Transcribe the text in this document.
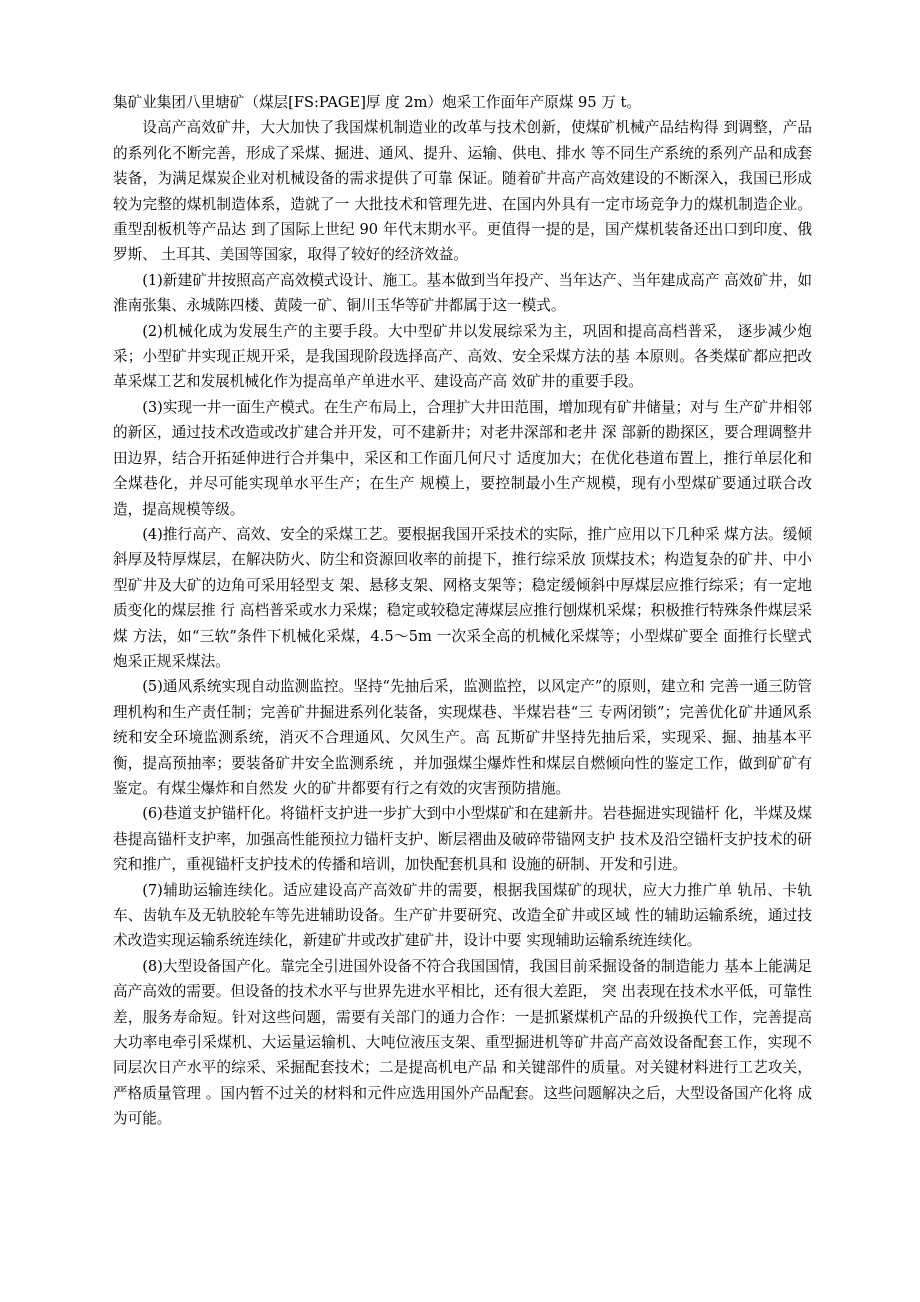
集矿业集团八里塘矿（煤层[FS:PAGE]厚 度 2m）炮采工作面年产原煤 95 万 t。

设高产高效矿井，大大加快了我国煤机制造业的改革与技术创新，使煤矿机械产品结构得 到调整，产品的系列化不断完善，形成了采煤、掘进、通风、提升、运输、供电、排水 等不同生产系统的系列产品和成套装备，为满足煤炭企业对机械设备的需求提供了可靠 保证。随着矿井高产高效建设的不断深入，我国已形成较为完整的煤机制造体系，造就了一 大批技术和管理先进、在国内外具有一定市场竞争力的煤机制造企业。重型刮板机等产品达 到了国际上世纪 90 年代末期水平。更值得一提的是，国产煤机装备还出口到印度、俄罗斯、 土耳其、美国等国家，取得了较好的经济效益。

(1)新建矿井按照高产高效模式设计、施工。基本做到当年投产、当年达产、当年建成高产 高效矿井，如淮南张集、永城陈四楼、黄陵一矿、铜川玉华等矿井都属于这一模式。

(2)机械化成为发展生产的主要手段。大中型矿井以发展综采为主，巩固和提高高档普采， 逐步减少炮采；小型矿井实现正规开采，是我国现阶段选择高产、高效、安全采煤方法的基 本原则。各类煤矿都应把改革采煤工艺和发展机械化作为提高单产单进水平、建设高产高 效矿井的重要手段。

(3)实现一井一面生产模式。在生产布局上，合理扩大井田范围，增加现有矿井储量；对与 生产矿井相邻的新区，通过技术改造或改扩建合并开发，可不建新井；对老井深部和老井 深 部新的勘探区，要合理调整井田边界，结合开拓延伸进行合并集中，采区和工作面几何尺寸 适度加大；在优化巷道布置上，推行单层化和全煤巷化，并尽可能实现单水平生产；在生产 规模上，要控制最小生产规模，现有小型煤矿要通过联合改造，提高规模等级。

(4)推行高产、高效、安全的采煤工艺。要根据我国开采技术的实际，推广应用以下几种采 煤方法。缓倾斜厚及特厚煤层，在解决防火、防尘和资源回收率的前提下，推行综采放 顶煤技术；构造复杂的矿井、中小型矿井及大矿的边角可采用轻型支 架、悬移支架、网格支架等；稳定缓倾斜中厚煤层应推行综采；有一定地质变化的煤层推 行 高档普采或水力采煤；稳定或较稳定薄煤层应推行刨煤机采煤；积极推行特殊条件煤层采 煤 方法，如“三软”条件下机械化采煤，4.5～5m 一次采全高的机械化采煤等；小型煤矿要全 面推行长壁式炮采正规采煤法。

(5)通风系统实现自动监测监控。坚持“先抽后采，监测监控，以风定产”的原则，建立和 完善一通三防管理机构和生产责任制；完善矿井掘进系列化装备，实现煤巷、半煤岩巷“三 专两闭锁”；完善优化矿井通风系统和安全环境监测系统，消灭不合理通风、欠风生产。高 瓦斯矿井坚持先抽后采，实现采、掘、抽基本平衡，提高预抽率；要装备矿井安全监测系统 ，并加强煤尘爆炸性和煤层自燃倾向性的鉴定工作，做到矿矿有鉴定。有煤尘爆炸和自然发 火的矿井都要有行之有效的灾害预防措施。

(6)巷道支护锚杆化。将锚杆支护进一步扩大到中小型煤矿和在建新井。岩巷掘进实现锚杆 化，半煤及煤巷提高锚杆支护率，加强高性能预拉力锚杆支护、断层褶曲及破碎带锚网支护 技术及沿空锚杆支护技术的研究和推广，重视锚杆支护技术的传播和培训，加快配套机具和 设施的研制、开发和引进。

(7)辅助运输连续化。适应建设高产高效矿井的需要，根据我国煤矿的现状，应大力推广单 轨吊、卡轨车、齿轨车及无轨胶轮车等先进辅助设备。生产矿井要研究、改造全矿井或区域 性的辅助运输系统，通过技术改造实现运输系统连续化，新建矿井或改扩建矿井，设计中要 实现辅助运输系统连续化。

(8)大型设备国产化。靠完全引进国外设备不符合我国国情，我国目前采掘设备的制造能力 基本上能满足高产高效的需要。但设备的技术水平与世界先进水平相比，还有很大差距， 突 出表现在技术水平低，可靠性差，服务寿命短。针对这些问题，需要有关部门的通力合作：一是抓紧煤机产品的升级换代工作，完善提高大功率电牵引采煤机、大运量运输机、大吨位液压支架、重型掘进机等矿井高产高效设备配套工作，实现不同层次日产水平的综采、采掘配套技术；二是提高机电产品 和关键部件的质量。对关键材料进行工艺攻关，严格质量管理 。国内暂不过关的材料和元件应选用国外产品配套。这些问题解决之后，大型设备国产化将 成为可能。
